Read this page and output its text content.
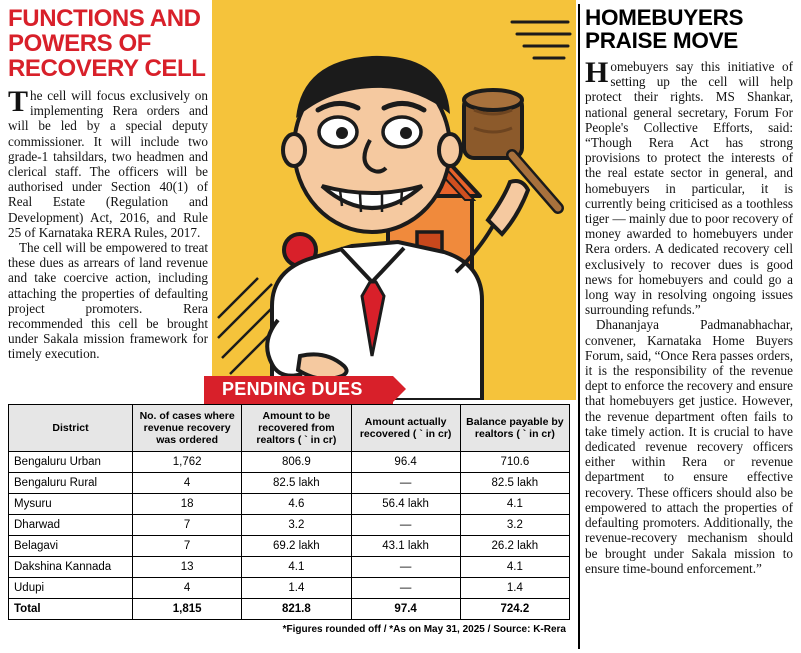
FUNCTIONS AND POWERS OF RECOVERY CELL

The cell will focus exclusively on implementing Rera orders and will be led by a special deputy commissioner. It will include two grade-1 tahsildars, two headmen and clerical staff. The officers will be authorised under Section 40(1) of Real Estate (Regulation and Development) Act, 2016, and Rule 25 of Karnataka RERA Rules, 2017.

The cell will be empowered to treat these dues as arrears of land revenue and take coercive action, including attaching the properties of defaulting project promoters. Rera recommended this cell be brought under Sakala mission framework for timely execution.

HOMEBUYERS PRAISE MOVE

Homebuyers say this initiative of setting up the cell will help protect their rights. MS Shankar, national general secretary, Forum For People's Collective Efforts, said: “Though Rera Act has strong provisions to protect the interests of the real estate sector in general, and homebuyers in particular, it is currently being criticised as a toothless tiger — mainly due to poor recovery of money awarded to homebuyers under Rera orders. A dedicated recovery cell exclusively to recover dues is good news for homebuyers and could go a long way in resolving ongoing issues surrounding refunds.”

Dhananjaya Padmanabhachar, convener, Karnataka Home Buyers Forum, said, “Once Rera passes orders, it is the responsibility of the revenue dept to enforce the recovery and ensure that homebuyers get justice. However, the revenue department often fails to take timely action. It is crucial to have dedicated revenue recovery officers either within Rera or revenue department to ensure effective recovery. These officers should also be empowered to attach the properties of defaulting promoters. Additionally, the revenue-recovery mechanism should be brought under Sakala mission to ensure time-bound enforcement.”

PENDING DUES
District	No. of cases where revenue recovery was ordered	Amount to be recovered from realtors ( ` in cr)	Amount actually recovered ( ` in cr)	Balance payable by realtors ( ` in cr)
Bengaluru Urban	1,762	806.9	96.4	710.6
Bengaluru Rural	4	82.5 lakh	—	82.5 lakh
Mysuru	18	4.6	56.4 lakh	4.1
Dharwad	7	3.2	—	3.2
Belagavi	7	69.2 lakh	43.1 lakh	26.2 lakh
Dakshina Kannada	13	4.1	—	4.1
Udupi	4	1.4	—	1.4
Total	1,815	821.8	97.4	724.2
*Figures rounded off / *As on May 31, 2025 / Source: K-Rera
